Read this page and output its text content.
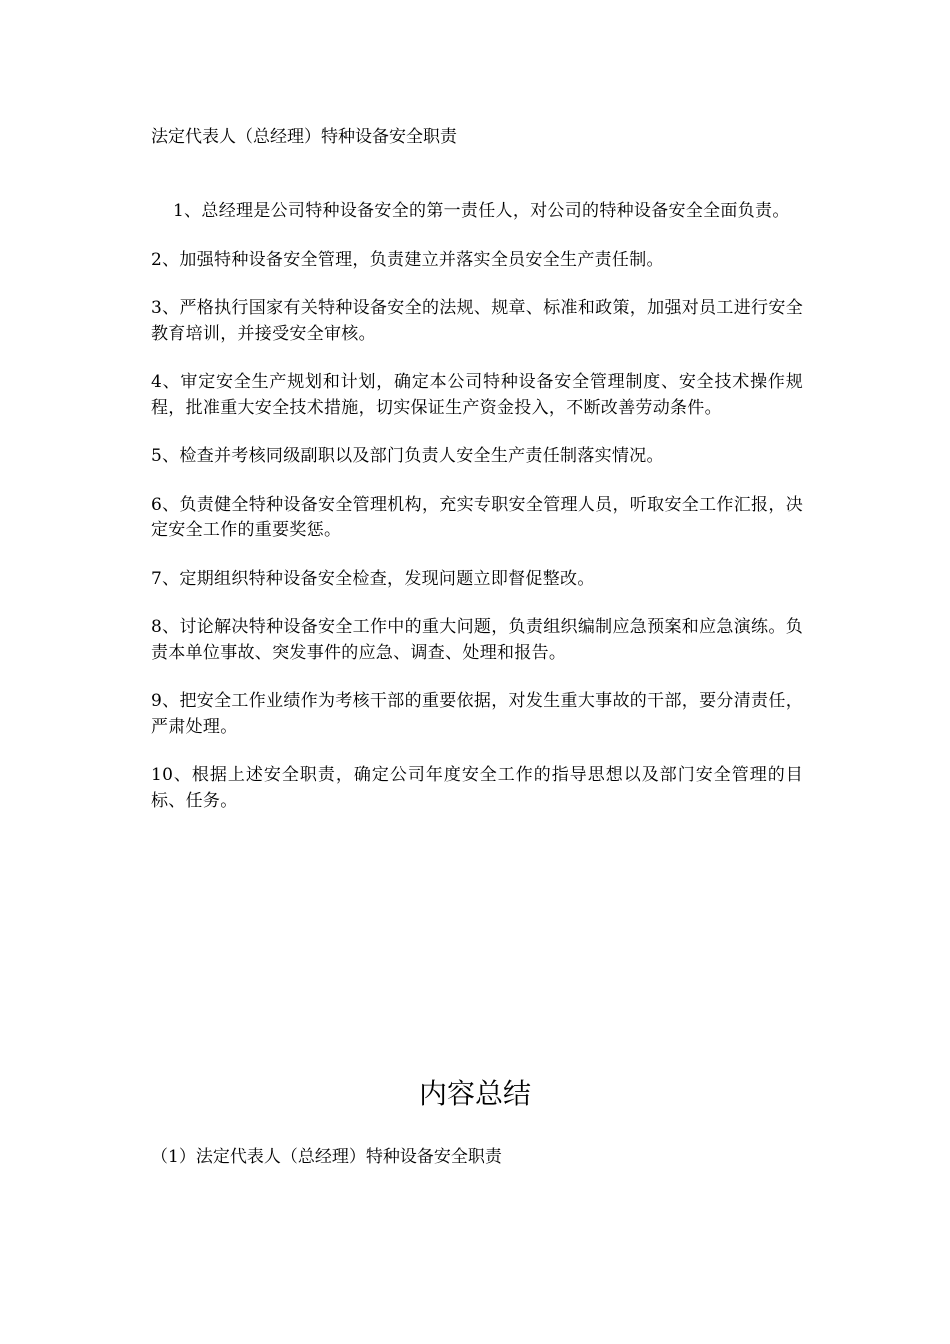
法定代表人（总经理）特种设备安全职责

1、总经理是公司特种设备安全的第一责任人，对公司的特种设备安全全面负责。

2、加强特种设备安全管理，负责建立并落实全员安全生产责任制。

3、严格执行国家有关特种设备安全的法规、规章、标准和政策，加强对员工进行安全教育培训，并接受安全审核。

4、审定安全生产规划和计划，确定本公司特种设备安全管理制度、安全技术操作规程，批准重大安全技术措施，切实保证生产资金投入，不断改善劳动条件。

5、检查并考核同级副职以及部门负责人安全生产责任制落实情况。

6、负责健全特种设备安全管理机构，充实专职安全管理人员，听取安全工作汇报，决定安全工作的重要奖惩。

7、定期组织特种设备安全检查，发现问题立即督促整改。

8、讨论解决特种设备安全工作中的重大问题，负责组织编制应急预案和应急演练。负责本单位事故、突发事件的应急、调查、处理和报告。

9、把安全工作业绩作为考核干部的重要依据，对发生重大事故的干部，要分清责任，严肃处理。

10、根据上述安全职责，确定公司年度安全工作的指导思想以及部门安全管理的目标、任务。

内容总结
（1）法定代表人（总经理）特种设备安全职责
